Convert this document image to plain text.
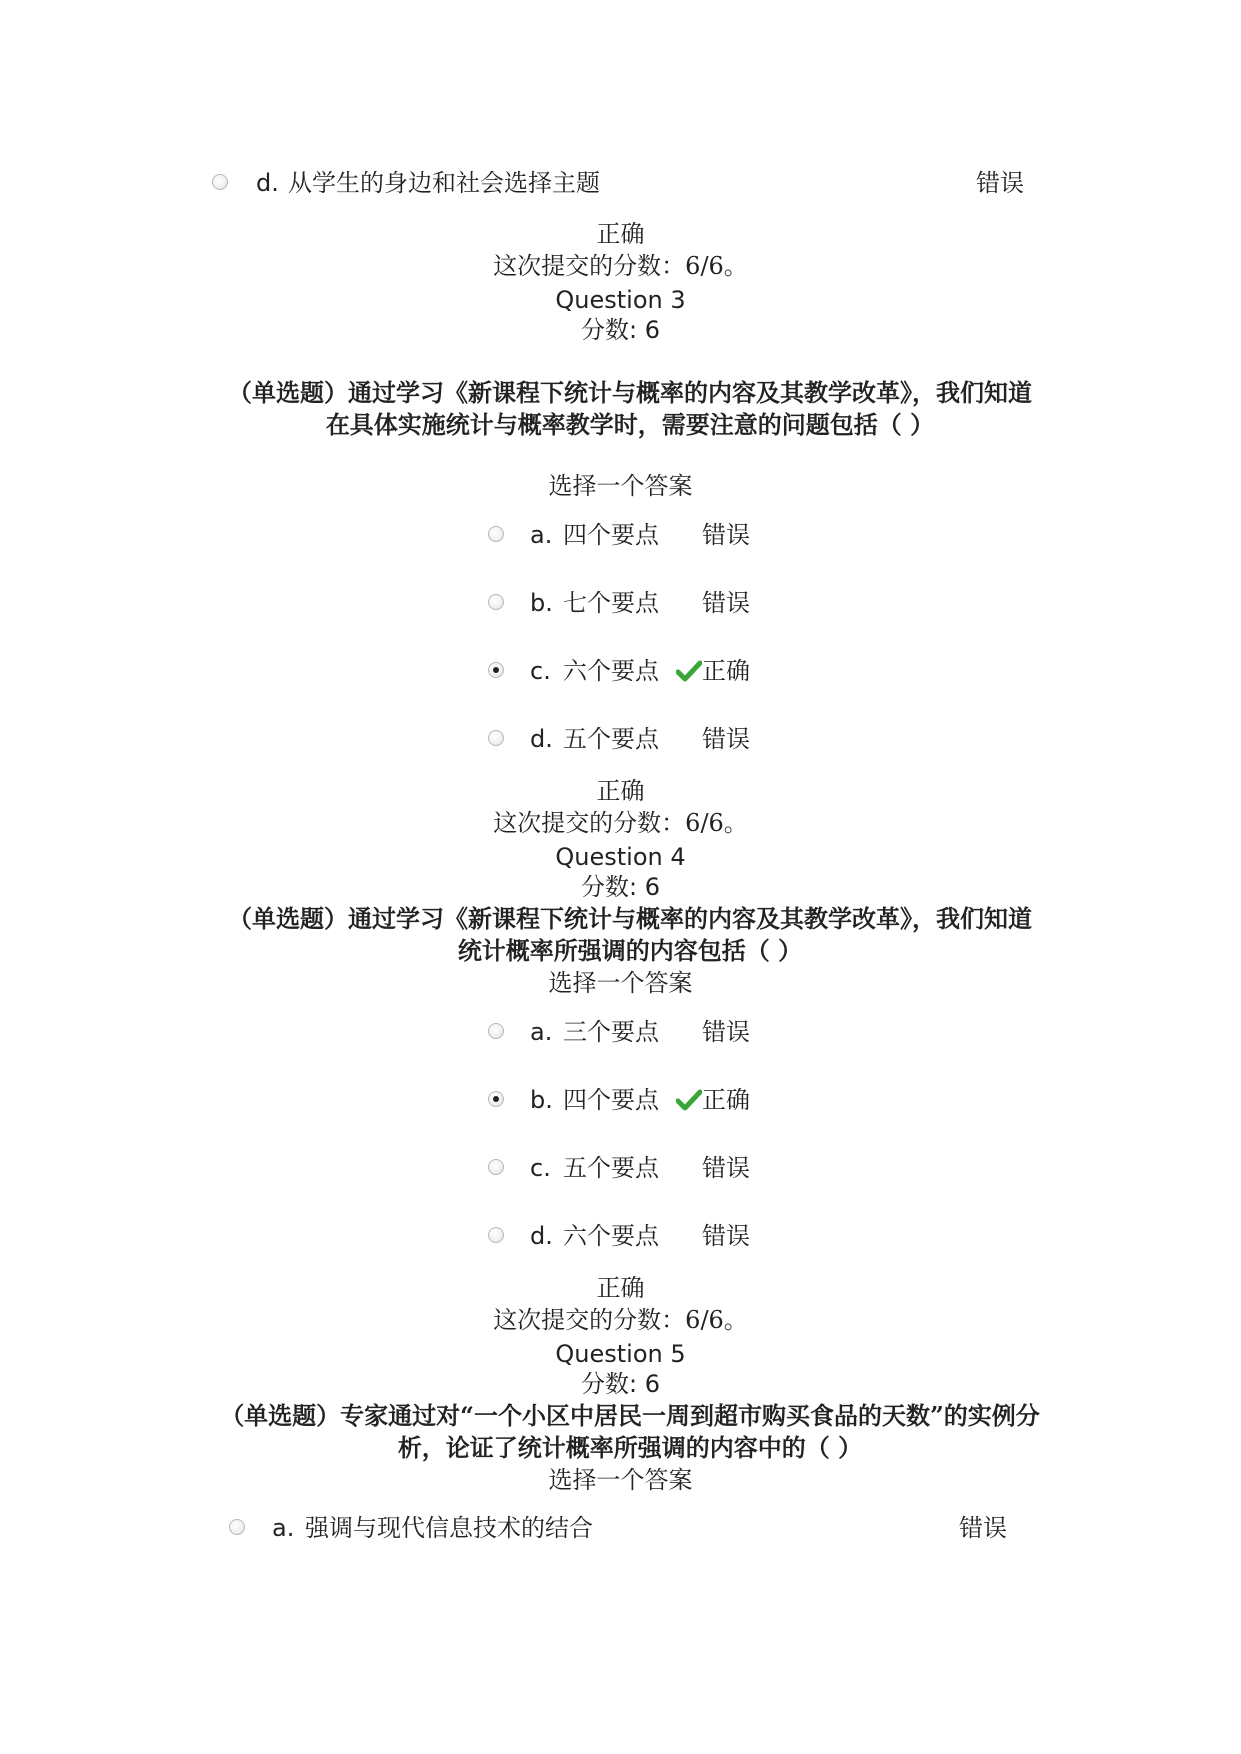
d. 从学生的身边和社会选择主题	错误
正确
这次提交的分数：6/6。
Question 3
分数: 6
（单选题）通过学习《新课程下统计与概率的内容及其教学改革》，我们知道
在具体实施统计与概率教学时，需要注意的问题包括（ ）
选择一个答案
a. 四个要点 错误
b. 七个要点 错误
c. 六个要点 正确
d. 五个要点 错误
正确
这次提交的分数：6/6。
Question 4
分数: 6
（单选题）通过学习《新课程下统计与概率的内容及其教学改革》，我们知道
统计概率所强调的内容包括（ ）
选择一个答案
a. 三个要点 错误
b. 四个要点 正确
c. 五个要点 错误
d. 六个要点 错误
正确
这次提交的分数：6/6。
Question 5
分数: 6
（单选题）专家通过对“一个小区中居民一周到超市购买食品的天数”的实例分
析，论证了统计概率所强调的内容中的（ ）
选择一个答案
a. 强调与现代信息技术的结合	错误
